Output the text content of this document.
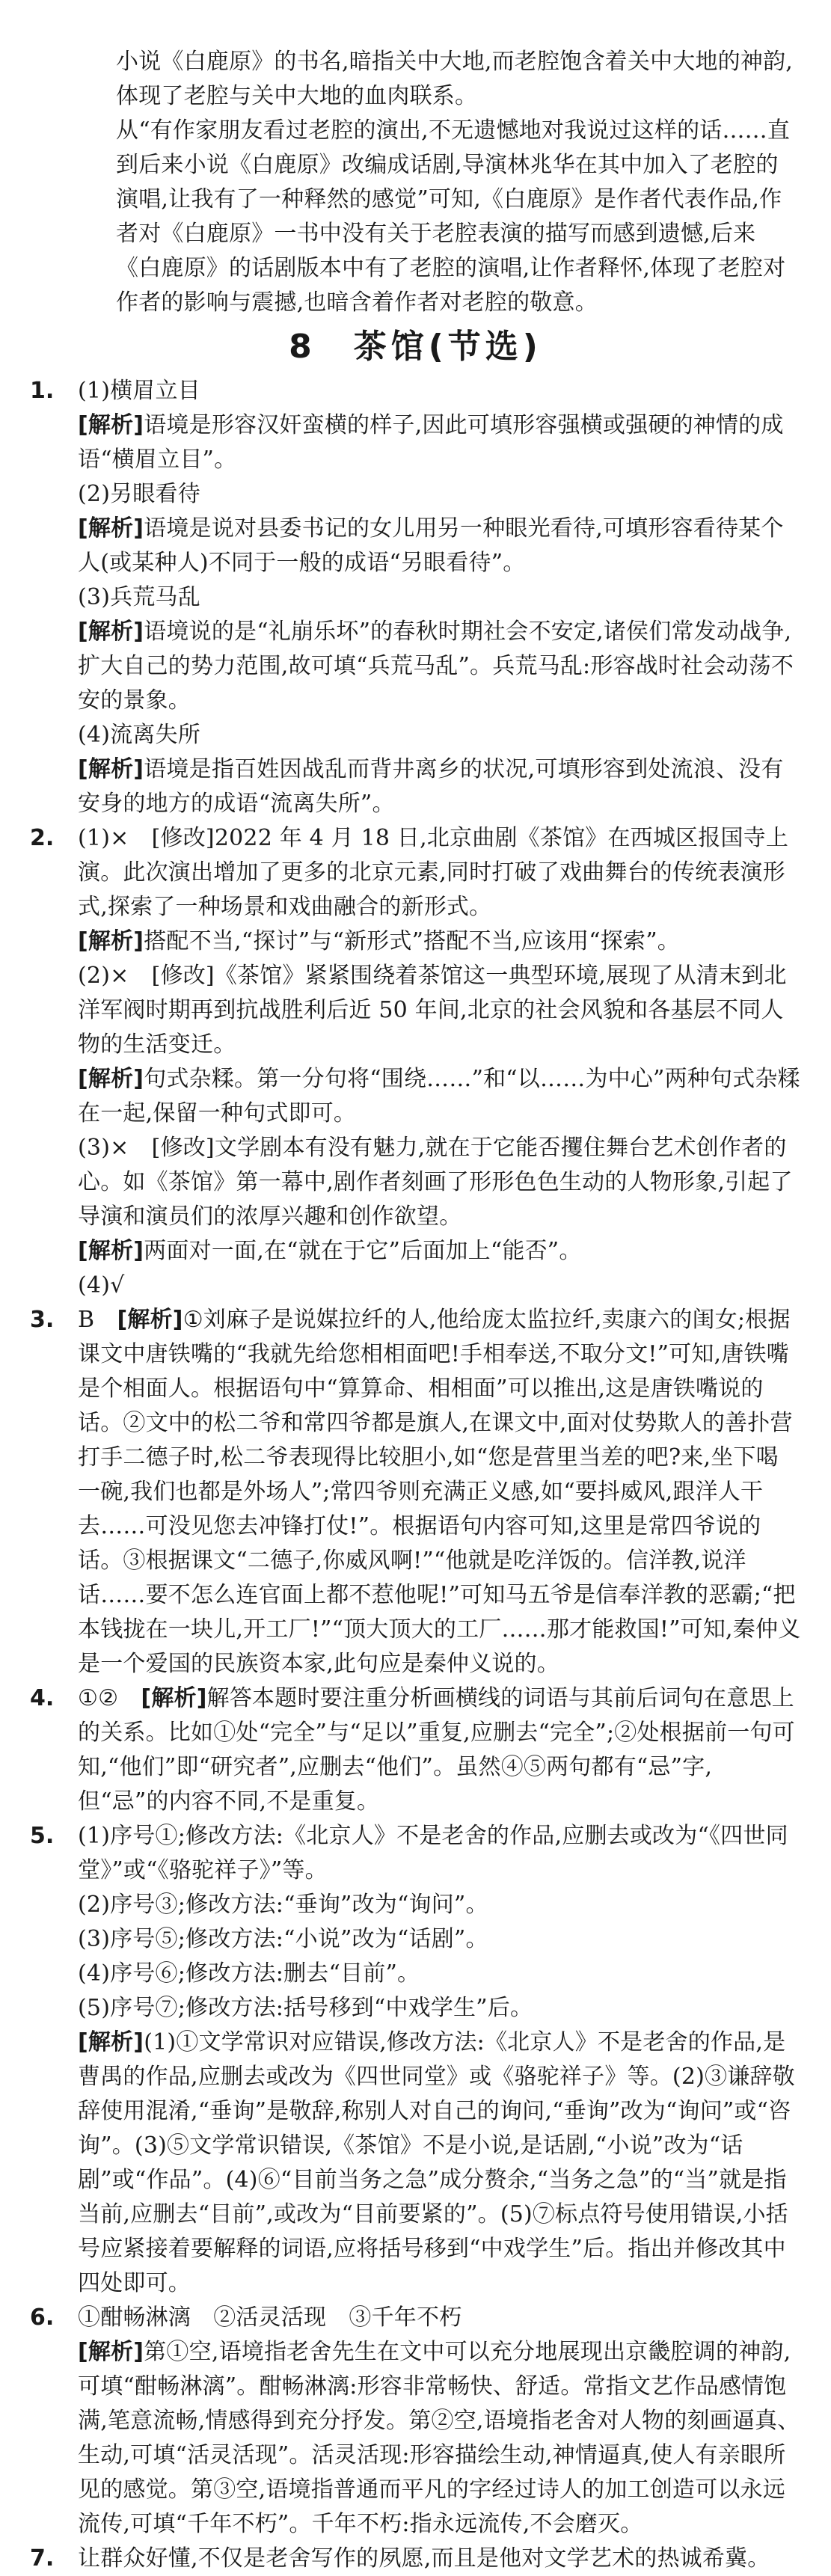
小说《白鹿原》的书名,暗指关中大地,而老腔饱含着关中大地的神韵,体现了老腔与关中大地的血肉联系。
从“有作家朋友看过老腔的演出,不无遗憾地对我说过这样的话……直到后来小说《白鹿原》改编成话剧,导演林兆华在其中加入了老腔的演唱,让我有了一种释然的感觉”可知,《白鹿原》是作者代表作品,作者对《白鹿原》一书中没有关于老腔表演的描写而感到遗憾,后来《白鹿原》的话剧版本中有了老腔的演唱,让作者释怀,体现了老腔对作者的影响与震撼,也暗含着作者对老腔的敬意。
8　茶馆(节选)
1.	(1)横眉立目
[解析]语境是形容汉奸蛮横的样子,因此可填形容强横或强硬的神情的成语“横眉立目”。
(2)另眼看待
[解析]语境是说对县委书记的女儿用另一种眼光看待,可填形容看待某个人(或某种人)不同于一般的成语“另眼看待”。
(3)兵荒马乱
[解析]语境说的是“礼崩乐坏”的春秋时期社会不安定,诸侯们常发动战争,扩大自己的势力范围,故可填“兵荒马乱”。兵荒马乱:形容战时社会动荡不安的景象。
(4)流离失所
[解析]语境是指百姓因战乱而背井离乡的状况,可填形容到处流浪、没有安身的地方的成语“流离失所”。
2.	(1)×　[修改]2022 年 4 月 18 日,北京曲剧《茶馆》在西城区报国寺上演。此次演出增加了更多的北京元素,同时打破了戏曲舞台的传统表演形式,探索了一种场景和戏曲融合的新形式。
[解析]搭配不当,“探讨”与“新形式”搭配不当,应该用“探索”。
(2)×　[修改]《茶馆》紧紧围绕着茶馆这一典型环境,展现了从清末到北洋军阀时期再到抗战胜利后近 50 年间,北京的社会风貌和各基层不同人物的生活变迁。
[解析]句式杂糅。第一分句将“围绕……”和“以……为中心”两种句式杂糅在一起,保留一种句式即可。
(3)×　[修改]文学剧本有没有魅力,就在于它能否攫住舞台艺术创作者的心。如《茶馆》第一幕中,剧作者刻画了形形色色生动的人物形象,引起了导演和演员们的浓厚兴趣和创作欲望。
[解析]两面对一面,在“就在于它”后面加上“能否”。
(4)√
3.	B　 [解析]①刘麻子是说媒拉纤的人,他给庞太监拉纤,卖康六的闺女;根据课文中唐铁嘴的“我就先给您相相面吧!手相奉送,不取分文!”可知,唐铁嘴是个相面人。根据语句中“算算命、相相面”可以推出,这是唐铁嘴说的话。②文中的松二爷和常四爷都是旗人,在课文中,面对仗势欺人的善扑营打手二德子时,松二爷表现得比较胆小,如“您是营里当差的吧?来,坐下喝一碗,我们也都是外场人”;常四爷则充满正义感,如“要抖威风,跟洋人干去……可没见您去冲锋打仗!”。根据语句内容可知,这里是常四爷说的话。③根据课文“二德子,你威风啊!”“他就是吃洋饭的。信洋教,说洋话……要不怎么连官面上都不惹他呢!”可知马五爷是信奉洋教的恶霸;“把本钱拢在一块儿,开工厂!”“顶大顶大的工厂……那才能救国!”可知,秦仲义是一个爱国的民族资本家,此句应是秦仲义说的。
4.	①②　 [解析]解答本题时要注重分析画横线的词语与其前后词句在意思上的关系。比如①处“完全”与“足以”重复,应删去“完全”;②处根据前一句可知,“他们”即“研究者”,应删去“他们”。虽然④⑤两句都有“忌”字,但“忌”的内容不同,不是重复。
5.	(1)序号①;修改方法:《北京人》不是老舍的作品,应删去或改为“《四世同堂》”或“《骆驼祥子》”等。
(2)序号③;修改方法:“垂询”改为“询问”。
(3)序号⑤;修改方法:“小说”改为“话剧”。
(4)序号⑥;修改方法:删去“目前”。
(5)序号⑦;修改方法:括号移到“中戏学生”后。
[解析](1)①文学常识对应错误,修改方法:《北京人》不是老舍的作品,是曹禺的作品,应删去或改为《四世同堂》或《骆驼祥子》等。(2)③谦辞敬辞使用混淆,“垂询”是敬辞,称别人对自己的询问,“垂询”改为“询问”或“咨询”。(3)⑤文学常识错误,《茶馆》不是小说,是话剧,“小说”改为“话剧”或“作品”。(4)⑥“目前当务之急”成分赘余,“当务之急”的“当”就是指当前,应删去“目前”,或改为“目前要紧的”。(5)⑦标点符号使用错误,小括号应紧接着要解释的词语,应将括号移到“中戏学生”后。指出并修改其中四处即可。
6.	①酣畅淋漓　②活灵活现　③千年不朽
[解析]第①空,语境指老舍先生在文中可以充分地展现出京畿腔调的神韵,可填“酣畅淋漓”。酣畅淋漓:形容非常畅快、舒适。常指文艺作品感情饱满,笔意流畅,情感得到充分抒发。第②空,语境指老舍对人物的刻画逼真、生动,可填“活灵活现”。活灵活现:形容描绘生动,神情逼真,使人有亲眼所见的感觉。第③空,语境指普通而平凡的字经过诗人的加工创造可以永远流传,可填“千年不朽”。千年不朽:指永远流传,不会磨灭。
7.	让群众好懂,不仅是老舍写作的夙愿,而且是他对文学艺术的热诚希冀。
